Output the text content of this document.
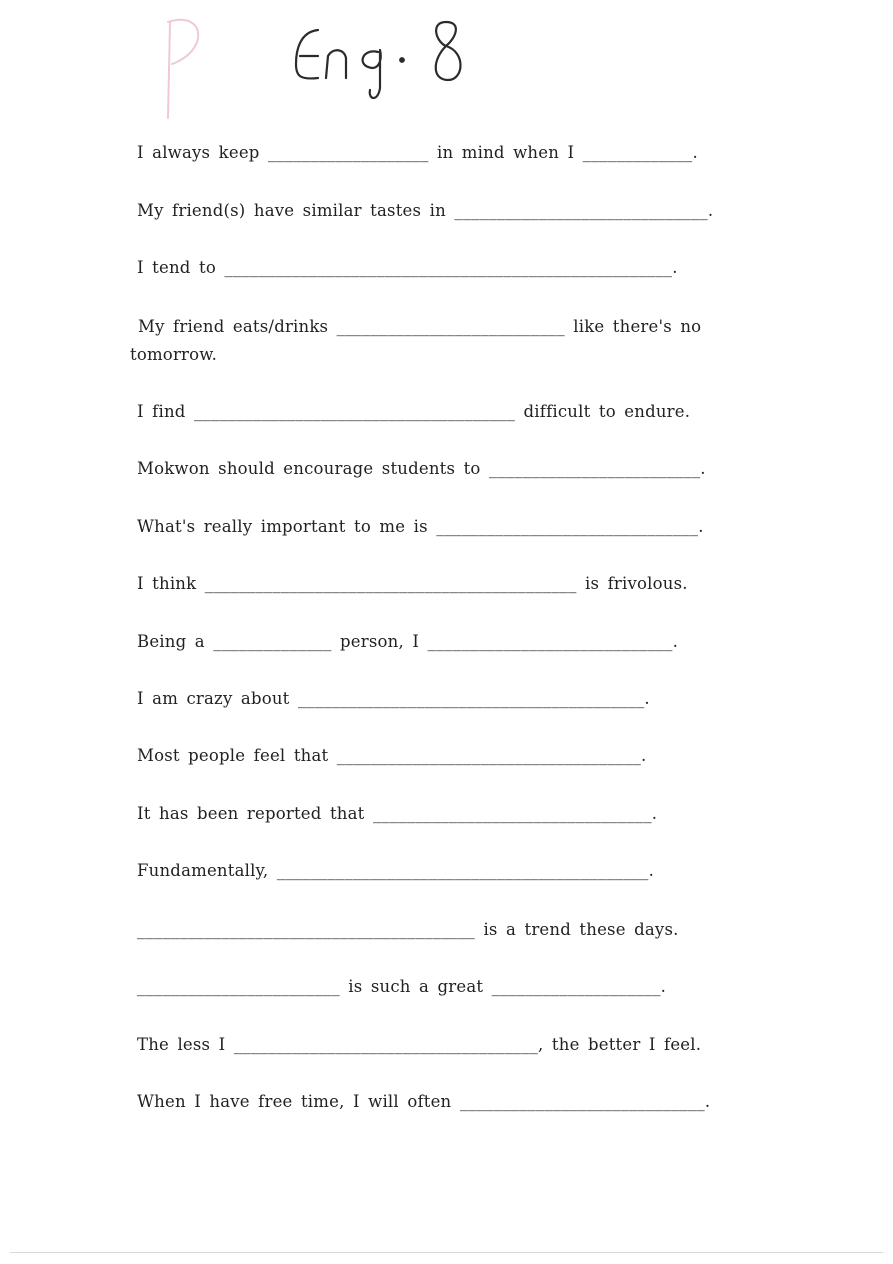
I always keep ___________________ in mind when I _____________.
My friend(s) have similar tastes in ______________________________.
I tend to _____________________________________________________.
My friend eats/drinks ___________________________ like there's no tomorrow.
I find ______________________________________ difficult to endure.
Mokwon should encourage students to _________________________.
What's really important to me is _______________________________.
I think ____________________________________________ is frivolous.
Being a ______________ person, I _____________________________.
I am crazy about _________________________________________.
Most people feel that ____________________________________.
It has been reported that _________________________________.
Fundamentally, ____________________________________________.
________________________________________ is a trend these days.
________________________ is such a great ____________________.
The less I ____________________________________, the better I feel.
When I have free time, I will often _____________________________.
